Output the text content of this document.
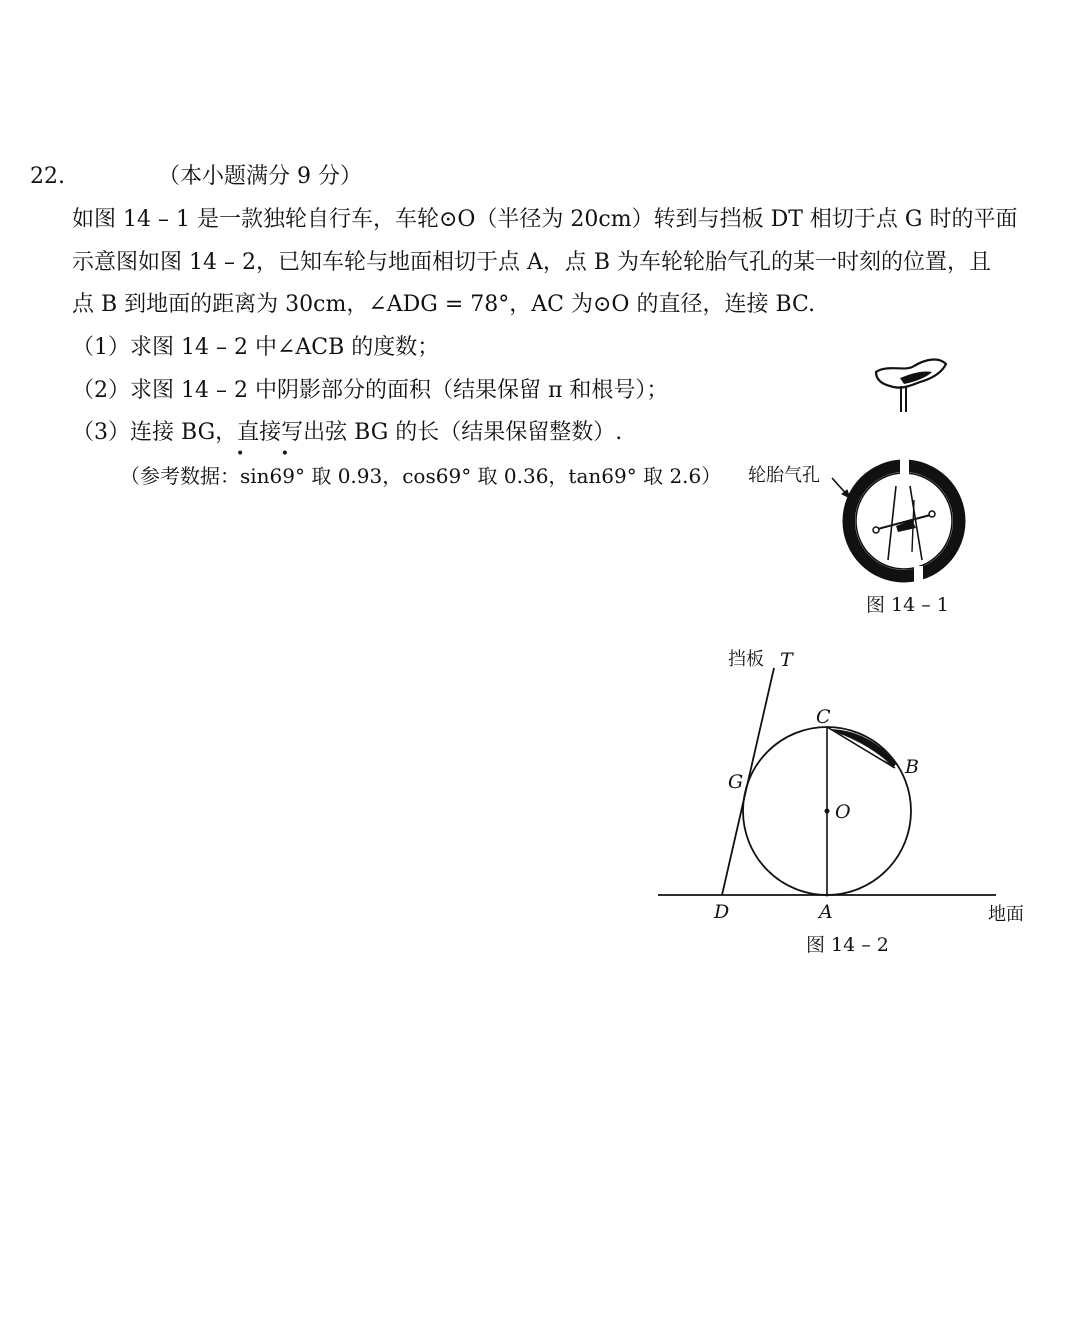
22.	（本小题满分 9 分）
如图 14 – 1 是一款独轮自行车，车轮⊙O（半径为 20cm）转到与挡板 DT 相切于点 G 时的平面
示意图如图 14 – 2，已知车轮与地面相切于点 A，点 B 为车轮轮胎气孔的某一时刻的位置，且
点 B 到地面的距离为 30cm，∠ADG = 78°，AC 为⊙O 的直径，连接 BC.
（1）求图 14 – 2 中∠ACB 的度数；
（2）求图 14 – 2 中阴影部分的面积（结果保留 π 和根号）；
（3）连接 BG，直接写出弦 BG 的长（结果保留整数）.
• •
（参考数据：sin69° 取 0.93，cos69° 取 0.36，tan69° 取 2.6） 轮胎气孔
挡板 T
C
B
G
O
D	A	地面
图 14 – 1
图 14 – 2
